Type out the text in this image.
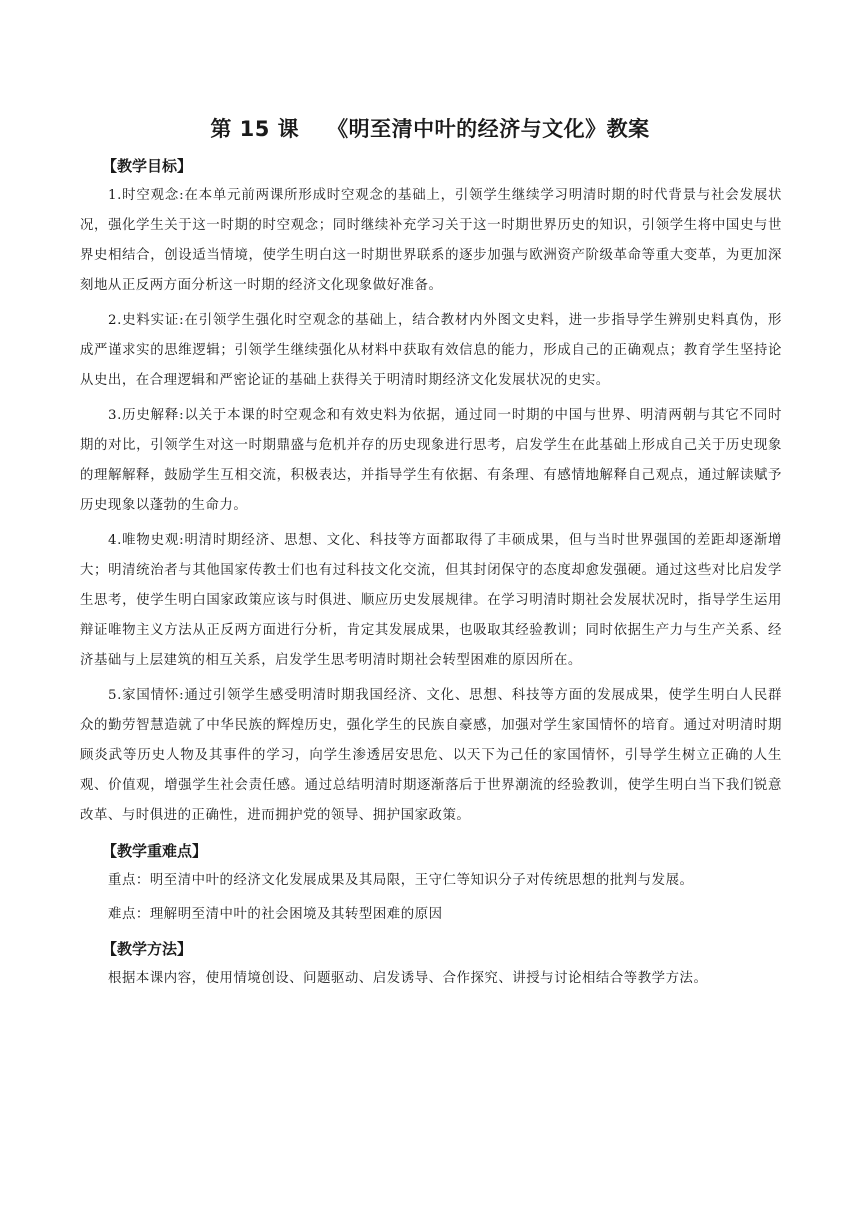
第 15 课 《明至清中叶的经济与文化》教案
【教学目标】

1.时空观念:在本单元前两课所形成时空观念的基础上，引领学生继续学习明清时期的时代背景与社会发展状况，强化学生关于这一时期的时空观念；同时继续补充学习关于这一时期世界历史的知识，引领学生将中国史与世界史相结合，创设适当情境，使学生明白这一时期世界联系的逐步加强与欧洲资产阶级革命等重大变革，为更加深刻地从正反两方面分析这一时期的经济文化现象做好准备。

2.史料实证:在引领学生强化时空观念的基础上，结合教材内外图文史料，进一步指导学生辨别史料真伪，形成严谨求实的思维逻辑；引领学生继续强化从材料中获取有效信息的能力，形成自己的正确观点；教育学生坚持论从史出，在合理逻辑和严密论证的基础上获得关于明清时期经济文化发展状况的史实。

3.历史解释:以关于本课的时空观念和有效史料为依据，通过同一时期的中国与世界、明清两朝与其它不同时期的对比，引领学生对这一时期鼎盛与危机并存的历史现象进行思考，启发学生在此基础上形成自己关于历史现象的理解解释，鼓励学生互相交流，积极表达，并指导学生有依据、有条理、有感情地解释自己观点，通过解读赋予历史现象以蓬勃的生命力。

4.唯物史观:明清时期经济、思想、文化、科技等方面都取得了丰硕成果，但与当时世界强国的差距却逐渐增大；明清统治者与其他国家传教士们也有过科技文化交流，但其封闭保守的态度却愈发强硬。通过这些对比启发学生思考，使学生明白国家政策应该与时俱进、顺应历史发展规律。在学习明清时期社会发展状况时，指导学生运用辩证唯物主义方法从正反两方面进行分析，肯定其发展成果，也吸取其经验教训；同时依据生产力与生产关系、经济基础与上层建筑的相互关系，启发学生思考明清时期社会转型困难的原因所在。

5.家国情怀:通过引领学生感受明清时期我国经济、文化、思想、科技等方面的发展成果，使学生明白人民群众的勤劳智慧造就了中华民族的辉煌历史，强化学生的民族自豪感，加强对学生家国情怀的培育。通过对明清时期顾炎武等历史人物及其事件的学习，向学生渗透居安思危、以天下为己任的家国情怀，引导学生树立正确的人生观、价值观，增强学生社会责任感。通过总结明清时期逐渐落后于世界潮流的经验教训，使学生明白当下我们锐意改革、与时俱进的正确性，进而拥护党的领导、拥护国家政策。

【教学重难点】
重点：明至清中叶的经济文化发展成果及其局限，王守仁等知识分子对传统思想的批判与发展。
难点：理解明至清中叶的社会困境及其转型困难的原因
【教学方法】
根据本课内容，使用情境创设、问题驱动、启发诱导、合作探究、讲授与讨论相结合等教学方法。
